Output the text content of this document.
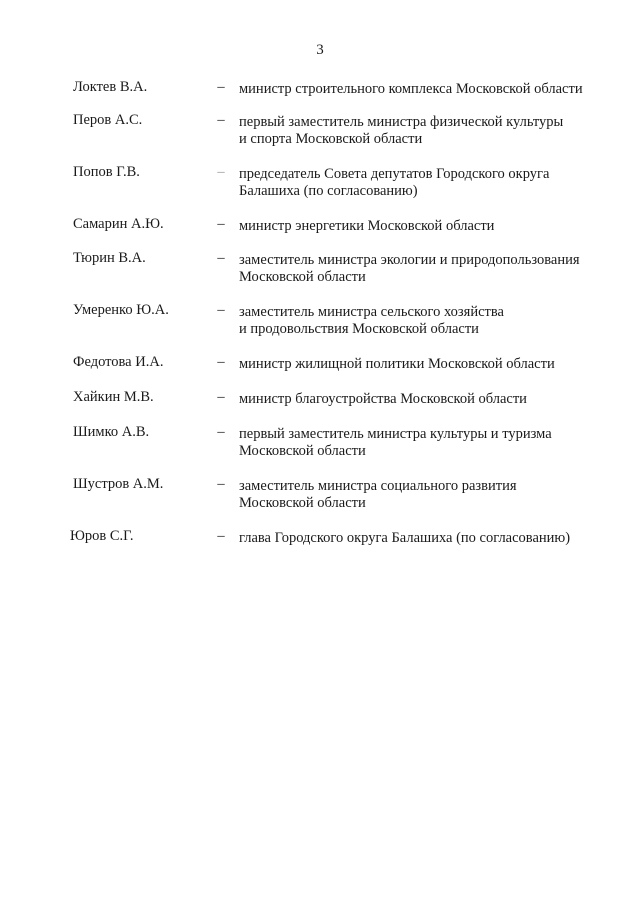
3
Локтев В.А.	– министр строительного комплекса Московской области
Перов А.С.	– первый заместитель министра физической культуры
и спорта Московской области
Попов Г.В.	– председатель Совета депутатов Городского округа
Балашиха (по согласованию)
Самарин А.Ю.	– министр энергетики Московской области
Тюрин В.А.	– заместитель министра экологии и природопользования
Московской области
Умеренко Ю.А.	– заместитель министра сельского хозяйства
и продовольствия Московской области
Федотова И.А.	– министр жилищной политики Московской области
Хайкин М.В.	– министр благоустройства Московской области
Шимко А.В.	– первый заместитель министра культуры и туризма
Московской области
Шустров А.М.	– заместитель министра социального развития
Московской области
Юров С.Г.	– глава Городского округа Балашиха (по согласованию)
